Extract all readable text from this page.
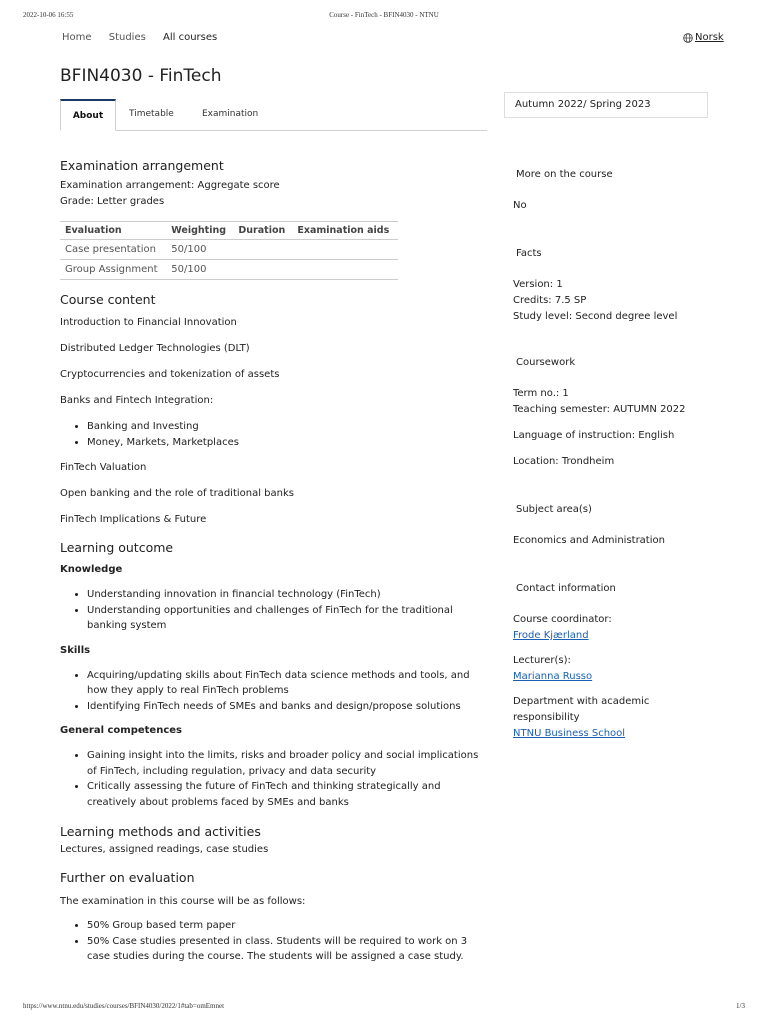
2022-10-06 16:55	Course - FinTech - BFIN4030 - NTNU
Home Studies All courses	Norsk
BFIN4030 - FinTech
About	Timetable	Examination
Autumn 2022/ Spring 2023
Examination arrangement
Examination arrangement: Aggregate score
Grade: Letter grades
Evaluation	Weighting	Duration	Examination aids
Case presentation	50/100		
Group Assignment	50/100		
Course content
Introduction to Financial Innovation
Distributed Ledger Technologies (DLT)
Cryptocurrencies and tokenization of assets
Banks and Fintech Integration:
• Banking and Investing
• Money, Markets, Marketplaces
FinTech Valuation
Open banking and the role of traditional banks
FinTech Implications & Future
Learning outcome
Knowledge
• Understanding innovation in financial technology (FinTech)
• Understanding opportunities and challenges of FinTech for the traditional banking system
Skills
• Acquiring/updating skills about FinTech data science methods and tools, and how they apply to real FinTech problems
• Identifying FinTech needs of SMEs and banks and design/propose solutions
General competences
• Gaining insight into the limits, risks and broader policy and social implications of FinTech, including regulation, privacy and data security
• Critically assessing the future of FinTech and thinking strategically and creatively about problems faced by SMEs and banks
Learning methods and activities
Lectures, assigned readings, case studies
Further on evaluation
The examination in this course will be as follows:
• 50% Group based term paper
• 50% Case studies presented in class. Students will be required to work on 3 case studies during the course. The students will be assigned a case study.
More on the course
No
Facts
Version: 1
Credits: 7.5 SP
Study level: Second degree level
Coursework
Term no.: 1
Teaching semester: AUTUMN 2022
Language of instruction: English
Location: Trondheim
Subject area(s)
Economics and Administration
Contact information
Course coordinator:
Frode Kjærland
Lecturer(s):
Marianna Russo
Department with academic
responsibility
NTNU Business School
https://www.ntnu.edu/studies/courses/BFIN4030/2022/1#tab=omEmnet	1/3
